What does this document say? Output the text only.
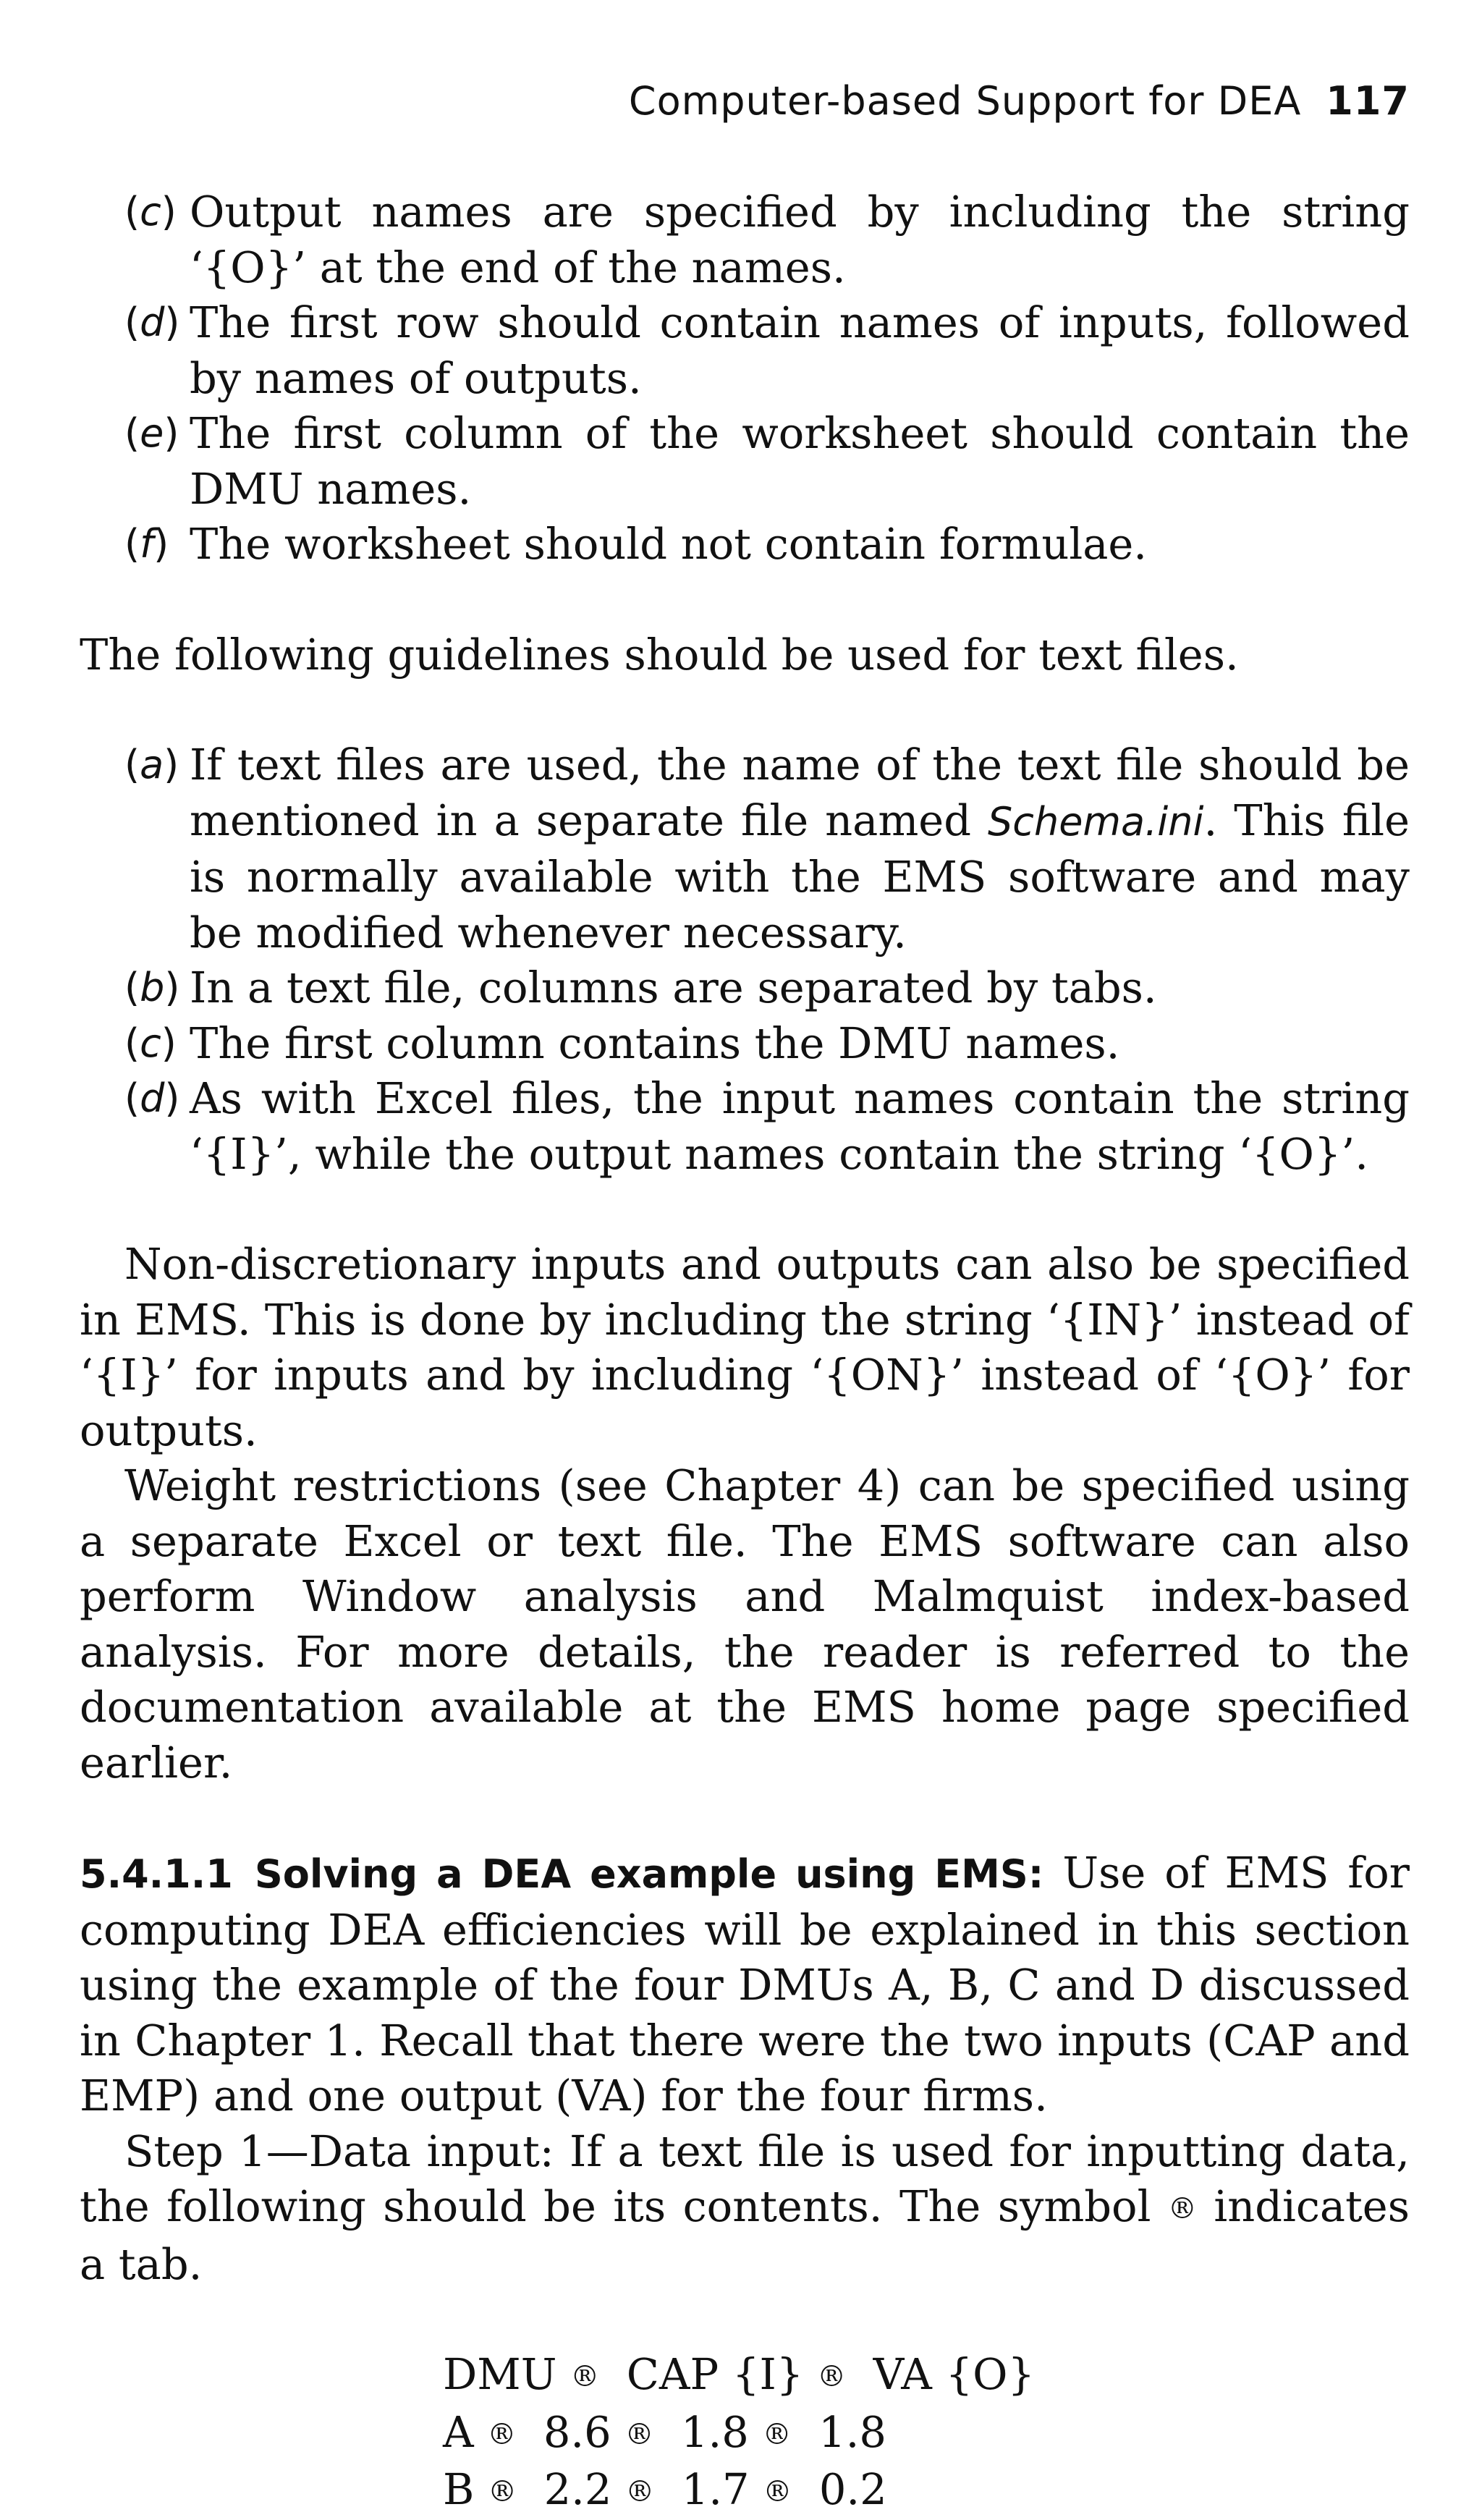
Computer-based Support for DEA 117
(c) Output names are specified by including the string ‘{O}’ at the end of the names.
(d) The first row should contain names of inputs, followed by names of outputs.
(e) The first column of the worksheet should contain the DMU names.
(f) The worksheet should not contain formulae.

The following guidelines should be used for text files.

(a) If text files are used, the name of the text file should be mentioned in a separate file named Schema.ini. This file is normally available with the EMS software and may be modified whenever necessary.
(b) In a text file, columns are separated by tabs.
(c) The first column contains the DMU names.
(d) As with Excel files, the input names contain the string ‘{I}’, while the output names contain the string ‘{O}’.

Non-discretionary inputs and outputs can also be specified in EMS. This is done by including the string ‘{IN}’ instead of ‘{I}’ for inputs and by including ‘{ON}’ instead of ‘{O}’ for outputs.

Weight restrictions (see Chapter 4) can be specified using a separate Excel or text file. The EMS software can also perform Window analysis and Malmquist index-based analysis. For more details, the reader is referred to the documentation available at the EMS home page specified earlier.

5.4.1.1 Solving a DEA example using EMS: Use of EMS for computing DEA efficiencies will be explained in this section using the example of the four DMUs A, B, C and D discussed in Chapter 1. Recall that there were the two inputs (CAP and EMP) and one output (VA) for the four firms.

Step 1—Data input: If a text file is used for inputting data, the following should be its contents. The symbol ® indicates a tab.

DMU ® CAP {I} ® VA {O}
A ® 8.6 ® 1.8 ® 1.8
B ® 2.2 ® 1.7 ® 0.2
